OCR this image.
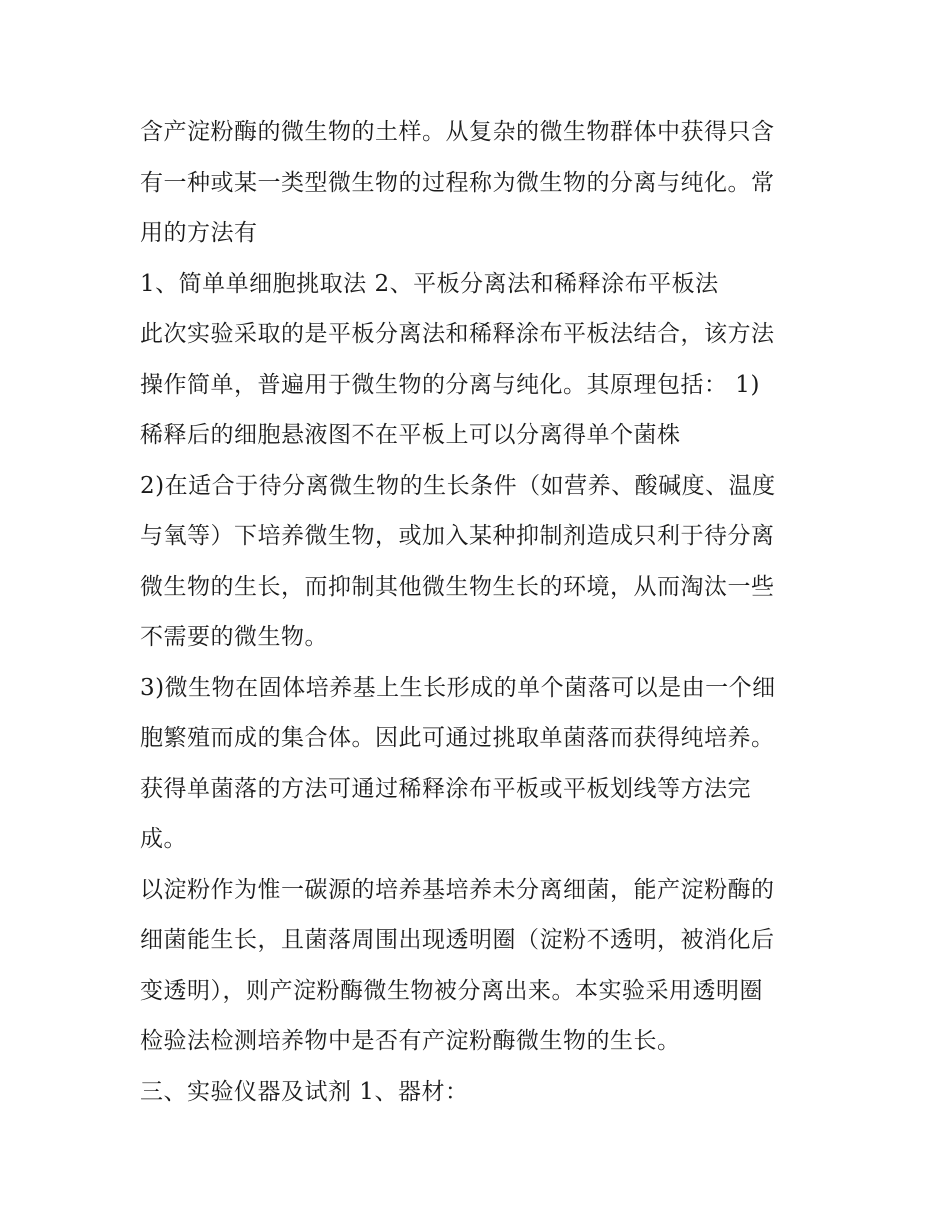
含产淀粉酶的微生物的土样。从复杂的微生物群体中获得只含
有一种或某一类型微生物的过程称为微生物的分离与纯化。常
用的方法有
1、简单单细胞挑取法 2、平板分离法和稀释涂布平板法
此次实验采取的是平板分离法和稀释涂布平板法结合，该方法
操作简单，普遍用于微生物的分离与纯化。其原理包括： 1)
稀释后的细胞悬液图不在平板上可以分离得单个菌株
2)在适合于待分离微生物的生长条件（如营养、酸碱度、温度
与氧等）下培养微生物，或加入某种抑制剂造成只利于待分离
微生物的生长，而抑制其他微生物生长的环境，从而淘汰一些
不需要的微生物。
3)微生物在固体培养基上生长形成的单个菌落可以是由一个细
胞繁殖而成的集合体。因此可通过挑取单菌落而获得纯培养。
获得单菌落的方法可通过稀释涂布平板或平板划线等方法完
成。
以淀粉作为惟一碳源的培养基培养未分离细菌，能产淀粉酶的
细菌能生长，且菌落周围出现透明圈（淀粉不透明，被消化后
变透明），则产淀粉酶微生物被分离出来。本实验采用透明圈
检验法检测培养物中是否有产淀粉酶微生物的生长。
三、实验仪器及试剂 1、器材：
